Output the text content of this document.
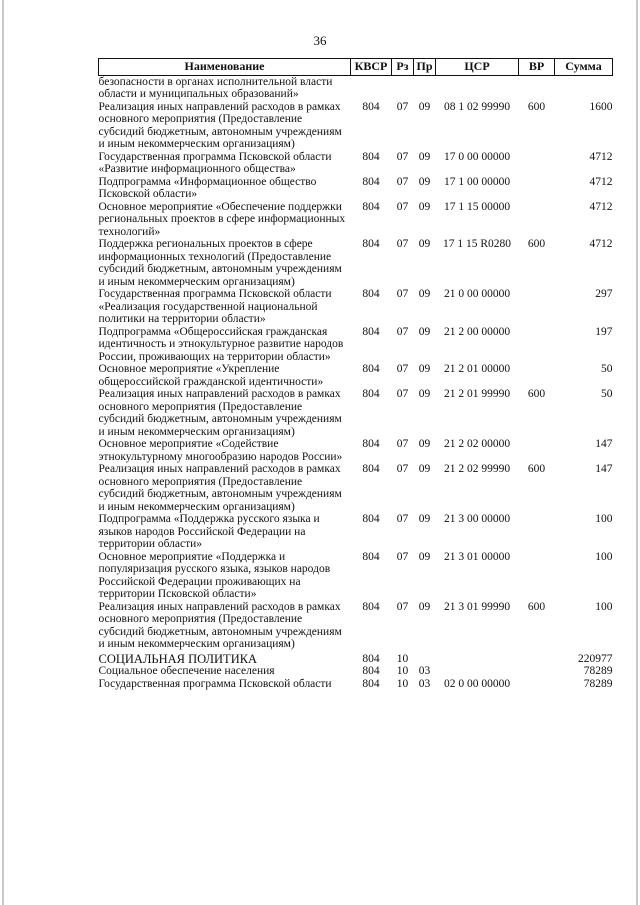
36
Наименование	КВСР	Рз	Пр	ЦСР	ВР	Сумма
безопасности в органах исполнительной власти области и муниципальных образований»						
Реализация иных направлений расходов в рамках основного мероприятия (Предоставление субсидий бюджетным, автономным учреждениям и иным некоммерческим организациям)	804	07	09	08 1 02 99990	600	1600
Государственная программа Псковской области «Развитие информационного общества»	804	07	09	17 0 00 00000		4712
Подпрограмма «Информационное общество Псковской области»	804	07	09	17 1 00 00000		4712
Основное мероприятие «Обеспечение поддержки региональных проектов в сфере информационных технологий»	804	07	09	17 1 15 00000		4712
Поддержка региональных проектов в сфере информационных технологий (Предоставление субсидий бюджетным, автономным учреждениям и иным некоммерческим организациям)	804	07	09	17 1 15 R0280	600	4712
Государственная программа Псковской области «Реализация государственной национальной политики на территории области»	804	07	09	21 0 00 00000		297
Подпрограмма «Общероссийская гражданская идентичность и этнокультурное развитие народов России, проживающих на территории области»	804	07	09	21 2 00 00000		197
Основное мероприятие «Укрепление общероссийской гражданской идентичности»	804	07	09	21 2 01 00000		50
Реализация иных направлений расходов в рамках основного мероприятия (Предоставление субсидий бюджетным, автономным учреждениям и иным некоммерческим организациям)	804	07	09	21 2 01 99990	600	50
Основное мероприятие «Содействие этнокультурному многообразию народов России»	804	07	09	21 2 02 00000		147
Реализация иных направлений расходов в рамках основного мероприятия (Предоставление субсидий бюджетным, автономным учреждениям и иным некоммерческим организациям)	804	07	09	21 2 02 99990	600	147
Подпрограмма «Поддержка русского языка и языков народов Российской Федерации на территории области»	804	07	09	21 3 00 00000		100
Основное мероприятие «Поддержка и популяризация русского языка, языков народов Российской Федерации проживающих на территории Псковской области»	804	07	09	21 3 01 00000		100
Реализация иных направлений расходов в рамках основного мероприятия (Предоставление субсидий бюджетным, автономным учреждениям и иным некоммерческим организациям)	804	07	09	21 3 01 99990	600	100
СОЦИАЛЬНАЯ ПОЛИТИКА	804	10				220977
Социальное обеспечение населения	804	10	03			78289
Государственная программа Псковской области	804	10	03	02 0 00 00000		78289
